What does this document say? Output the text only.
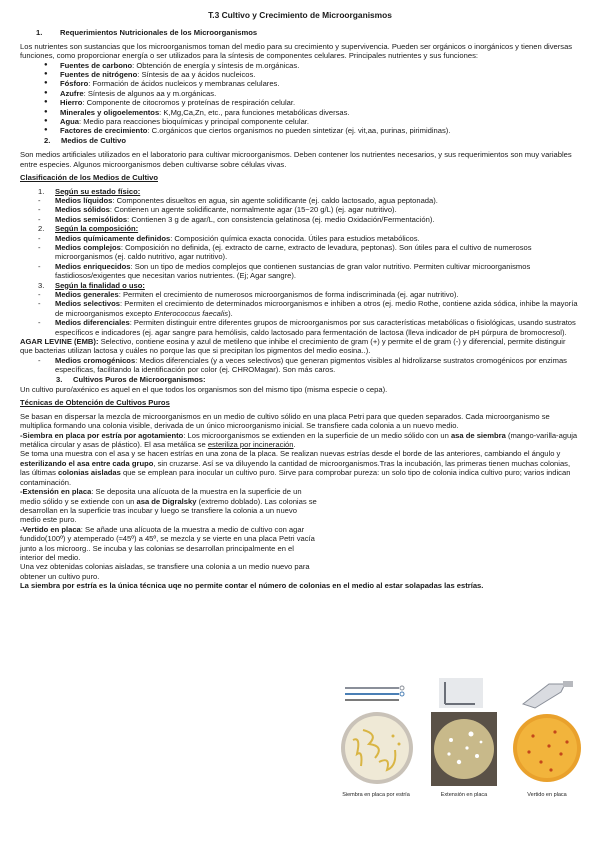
T.3 Cultivo y Crecimiento de Microorganismos
1. Requerimientos Nutricionales de los Microorganismos

Los nutrientes son sustancias que los microorganismos toman del medio para su crecimiento y supervivencia. Pueden ser orgánicos o inorgánicos y tienen diversas funciones, como proporcionar energía o ser utilizados para la síntesis de componentes celulares. Principales nutrientes y sus funciones:

● Fuentes de carbono: Obtención de energía y síntesis de m.orgánicas.
● Fuentes de nitrógeno: Síntesis de aa y ácidos nucleicos.
● Fósforo: Formación de ácidos nucleicos y membranas celulares.
● Azufre: Síntesis de algunos aa y m.orgánicas.
● Hierro: Componente de citocromos y proteínas de respiración celular.
● Minerales y oligoelementos: K,Mg,Ca,Zn, etc., para funciones metabólicas diversas.
● Agua: Medio para reacciones bioquímicas y principal componente celular.
● Factores de crecimiento: C.orgánicos que ciertos organismos no pueden sintetizar (ej. vit,aa, purinas, pirimidinas).
2. Medios de Cultivo

Son medios artificiales utilizados en el laboratorio para cultivar microorganismos. Deben contener los nutrientes necesarios, y sus requerimientos son muy variables entre especies. Algunos microorganismos deben cultivarse sobre células vivas.

Clasificación de los Medios de Cultivo

1. Según su estado físico:
- Medios líquidos: Componentes disueltos en agua, sin agente solidificante (ej. caldo lactosado, agua peptonada).
- Medios sólidos: Contienen un agente solidificante, normalmente agar (15−20 g/L) (ej. agar nutritivo).
- Medios semisólidos: Contienen 3 g de agar/L, con consistencia gelatinosa (ej. medio Oxidación/Fermentación).
2. Según la composición:
- Medios químicamente definidos: Composición química exacta conocida. Útiles para estudios metabólicos.
- Medios complejos: Composición no definida, (ej. extracto de carne, extracto de levadura, peptonas). Son útiles para el cultivo de numerosos microorganismos (ej. caldo nutritivo, agar nutritivo).
- Medios enriquecidos: Son un tipo de medios complejos que contienen sustancias de gran valor nutritivo. Permiten cultivar microorganismos fastidiosos/exigentes que necesitan varios nutrientes. (Ej; Agar sangre).
3. Según la finalidad o uso:
- Medios generales: Permiten el crecimiento de numerosos microorganismos de forma indiscriminada (ej. agar nutritivo).
- Medios selectivos: Permiten el crecimiento de determinados microorganismos e inhiben a otros (ej. medio Rothe, contiene azida sódica, inhibe la mayoría de microorganismos excepto Enterococcus faecalis).
- Medios diferenciales: Permiten distinguir entre diferentes grupos de microorganismos por sus características metabólicas o fisiológicas, usando sustratos específicos e indicadores (ej. agar sangre para hemólisis, caldo lactosado para fermentación de lactosa (lleva indicador de pH púrpura de bromocresol).

AGAR LEVINE (EMB): Selectivo, contiene eosina y azul de metileno que inhibe el crecimiento de gram (+) y permite el de gram (-) y diferencial, permite distinguir que bacterias utilizan lactosa y cuáles no porque las que si precipitan los pigmentos del medio eosina..).

- Medios cromogénicos: Medios diferenciales (y a veces selectivos) que generan pigmentos visibles al hidrolizarse sustratos cromogénicos por enzimas específicas, facilitando la identificación por color (ej. CHROMagar). Son más caros.
3. Cultivos Puros de Microorganismos:

Un cultivo puro/axénico es aquel en el que todos los organismos son del mismo tipo (misma especie o cepa).

Técnicas de Obtención de Cultivos Puros

Se basan en dispersar la mezcla de microorganismos en un medio de cultivo sólido en una placa Petri para que queden separados. Cada microorganismo se multiplica formando una colonia visible, derivada de un único microorganismo inicial. Se transfiere cada colonia a un nuevo medio.

-Siembra en placa por estría por agotamiento: Los microorganismos se extienden en la superficie de un medio sólido con un asa de siembra (mango-varilla-aguja metálica circular y asas de plástico). El asa metálica se esteriliza por incineración.

Se toma una muestra con el asa y se hacen estrías en una zona de la placa. Se realizan nuevas estrías desde el borde de las anteriores, cambiando el ángulo y esterilizando el asa entre cada grupo, sin cruzarse. Así se va diluyendo la cantidad de microorganismos.Tras la incubación, las primeras tienen muchas colonias, las últimas colonias aisladas que se emplean para inocular un cultivo puro. Sirve para comprobar pureza: un solo tipo de colonia indica cultivo puro; varios indican contaminación.

-Extensión en placa: Se deposita una alícuota de la muestra en la superficie de un medio sólido y se extiende con un asa de Digralsky (extremo doblado). Las colonias se desarrollan en la superficie tras incubar y luego se transfiere la colonia a un nuevo medio este puro.

-Vertido en placa: Se añade una alícuota de la muestra a medio de cultivo con agar fundido(100º) y atemperado (≈45º) a 45º, se mezcla y se vierte en una placa Petri vacía junto a los microorg.. Se incuba y las colonias se desarrollan principalmente en el interior del medio.

Una vez obtenidas colonias aisladas, se transfiere una colonia a un medio nuevo para obtener un cultivo puro.

La siembra por estría es la única técnica uqe no permite contar el número de colonias en el medio al estar solapadas las estrías.

Siembra en placa por estría	Extensión en placa	Vertido en placa
